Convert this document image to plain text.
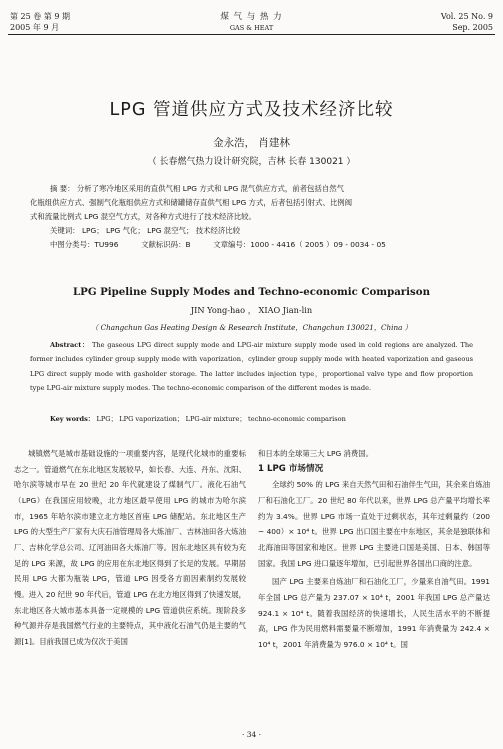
第 25 卷 第 9 期
2005 年 9 月
煤 气 与 热 力
GAS & HEAT
Vol. 25 No. 9
Sep. 2005
LPG 管道供应方式及技术经济比较
金永浩， 肖建林
（ 长春燃气热力设计研究院，吉林 长春 130021 ）
摘 要： 分析了寒冷地区采用的直供气相 LPG 方式和 LPG 混气供应方式，前者包括自然气
化瓶组供应方式、强制气化瓶组供应方式和储罐储存直供气相 LPG 方式，后者包括引射式、比例阀
式和流量比例式 LPG 混空气方式，对各种方式进行了技术经济比较。
关键词： LPG； LPG 气化； LPG 混空气； 技术经济比较
中图分类号：TU996	文献标识码：B	文章编号：1000 - 4416（ 2005 ）09 - 0034 - 05
LPG Pipeline Supply Modes and Techno-economic Comparison
JIN Yong-hao ， XIAO Jian-lin
（ Changchun Gas Heating Design & Research Institute，Changchun 130021，China ）
Abstract： The gaseous LPG direct supply mode and LPG-air mixture supply mode used in cold regions are analyzed. The former includes cylinder group supply mode with vaporization，cylinder group supply mode with heated vaporization and gaseous LPG direct supply mode with gasholder storage. The latter includes injection type，proportional valve type and flow proportion type LPG-air mixture supply modes. The techno-economic comparison of the different modes is made.
Key words： LPG； LPG vaporization； LPG-air mixture； techno-economic comparison

城镇燃气是城市基础设施的一项重要内容，是现代化城市的重要标志之一。管道燃气在东北地区发展较早，如长春、大连、丹东、沈阳、哈尔滨等城市早在 20 世纪 20 年代就建设了煤制气厂。液化石油气（LPG）在我国应用较晚，北方地区最早使用 LPG 的城市为哈尔滨市，1965 年哈尔滨市建立北方地区首座 LPG 储配站。东北地区生产 LPG 的大型生产厂家有大庆石油管理局各大炼油厂、吉林油田各大炼油厂、吉林化学总公司、辽河油田各大炼油厂等。因东北地区具有较为充足的 LPG 来源，故 LPG 的应用在东北地区得到了长足的发展。早期居民用 LPG 大都为瓶装 LPG，管道 LPG 因受各方面因素制约发展较慢。进入 20 纪世 90 年代后，管道 LPG 在北方地区得到了快速发展，东北地区各大城市基本具备一定规模的 LPG 管道供应系统。现阶段多种气源并存是我国燃气行业的主要特点，其中液化石油气仍是主要的气源[1]。目前我国已成为仅次于美国

和日本的全球第三大 LPG 消费国。

1 LPG 市场情况

全球约 50% 的 LPG 来自天然气田和石油伴生气田，其余来自炼油厂和石油化工厂。20 世纪 80 年代以来，世界 LPG 总产量平均增长率约为 3.4%。世界 LPG 市场一直处于过剩状态，其年过剩量约（200 ~ 400）× 10⁴ t。世界 LPG 出口国主要在中东地区，其余是独联体和北海油田等国家和地区。世界 LPG 主要进口国是美国、日本、韩国等国家。我国 LPG 进口量逐年增加，已引起世界各国出口商的注意。

国产 LPG 主要来自炼油厂和石油化工厂，少量来自油气田。1991 年全国 LPG 总产量为 237.07 × 10⁴ t，2001 年我国 LPG 总产量达 924.1 × 10⁴ t。随着我国经济的快速增长，人民生活水平的不断提高，LPG 作为民用燃料需要量不断增加，1991 年消费量为 242.4 × 10⁴ t，2001 年消费量为 976.0 × 10⁴ t。国

· 34 ·
